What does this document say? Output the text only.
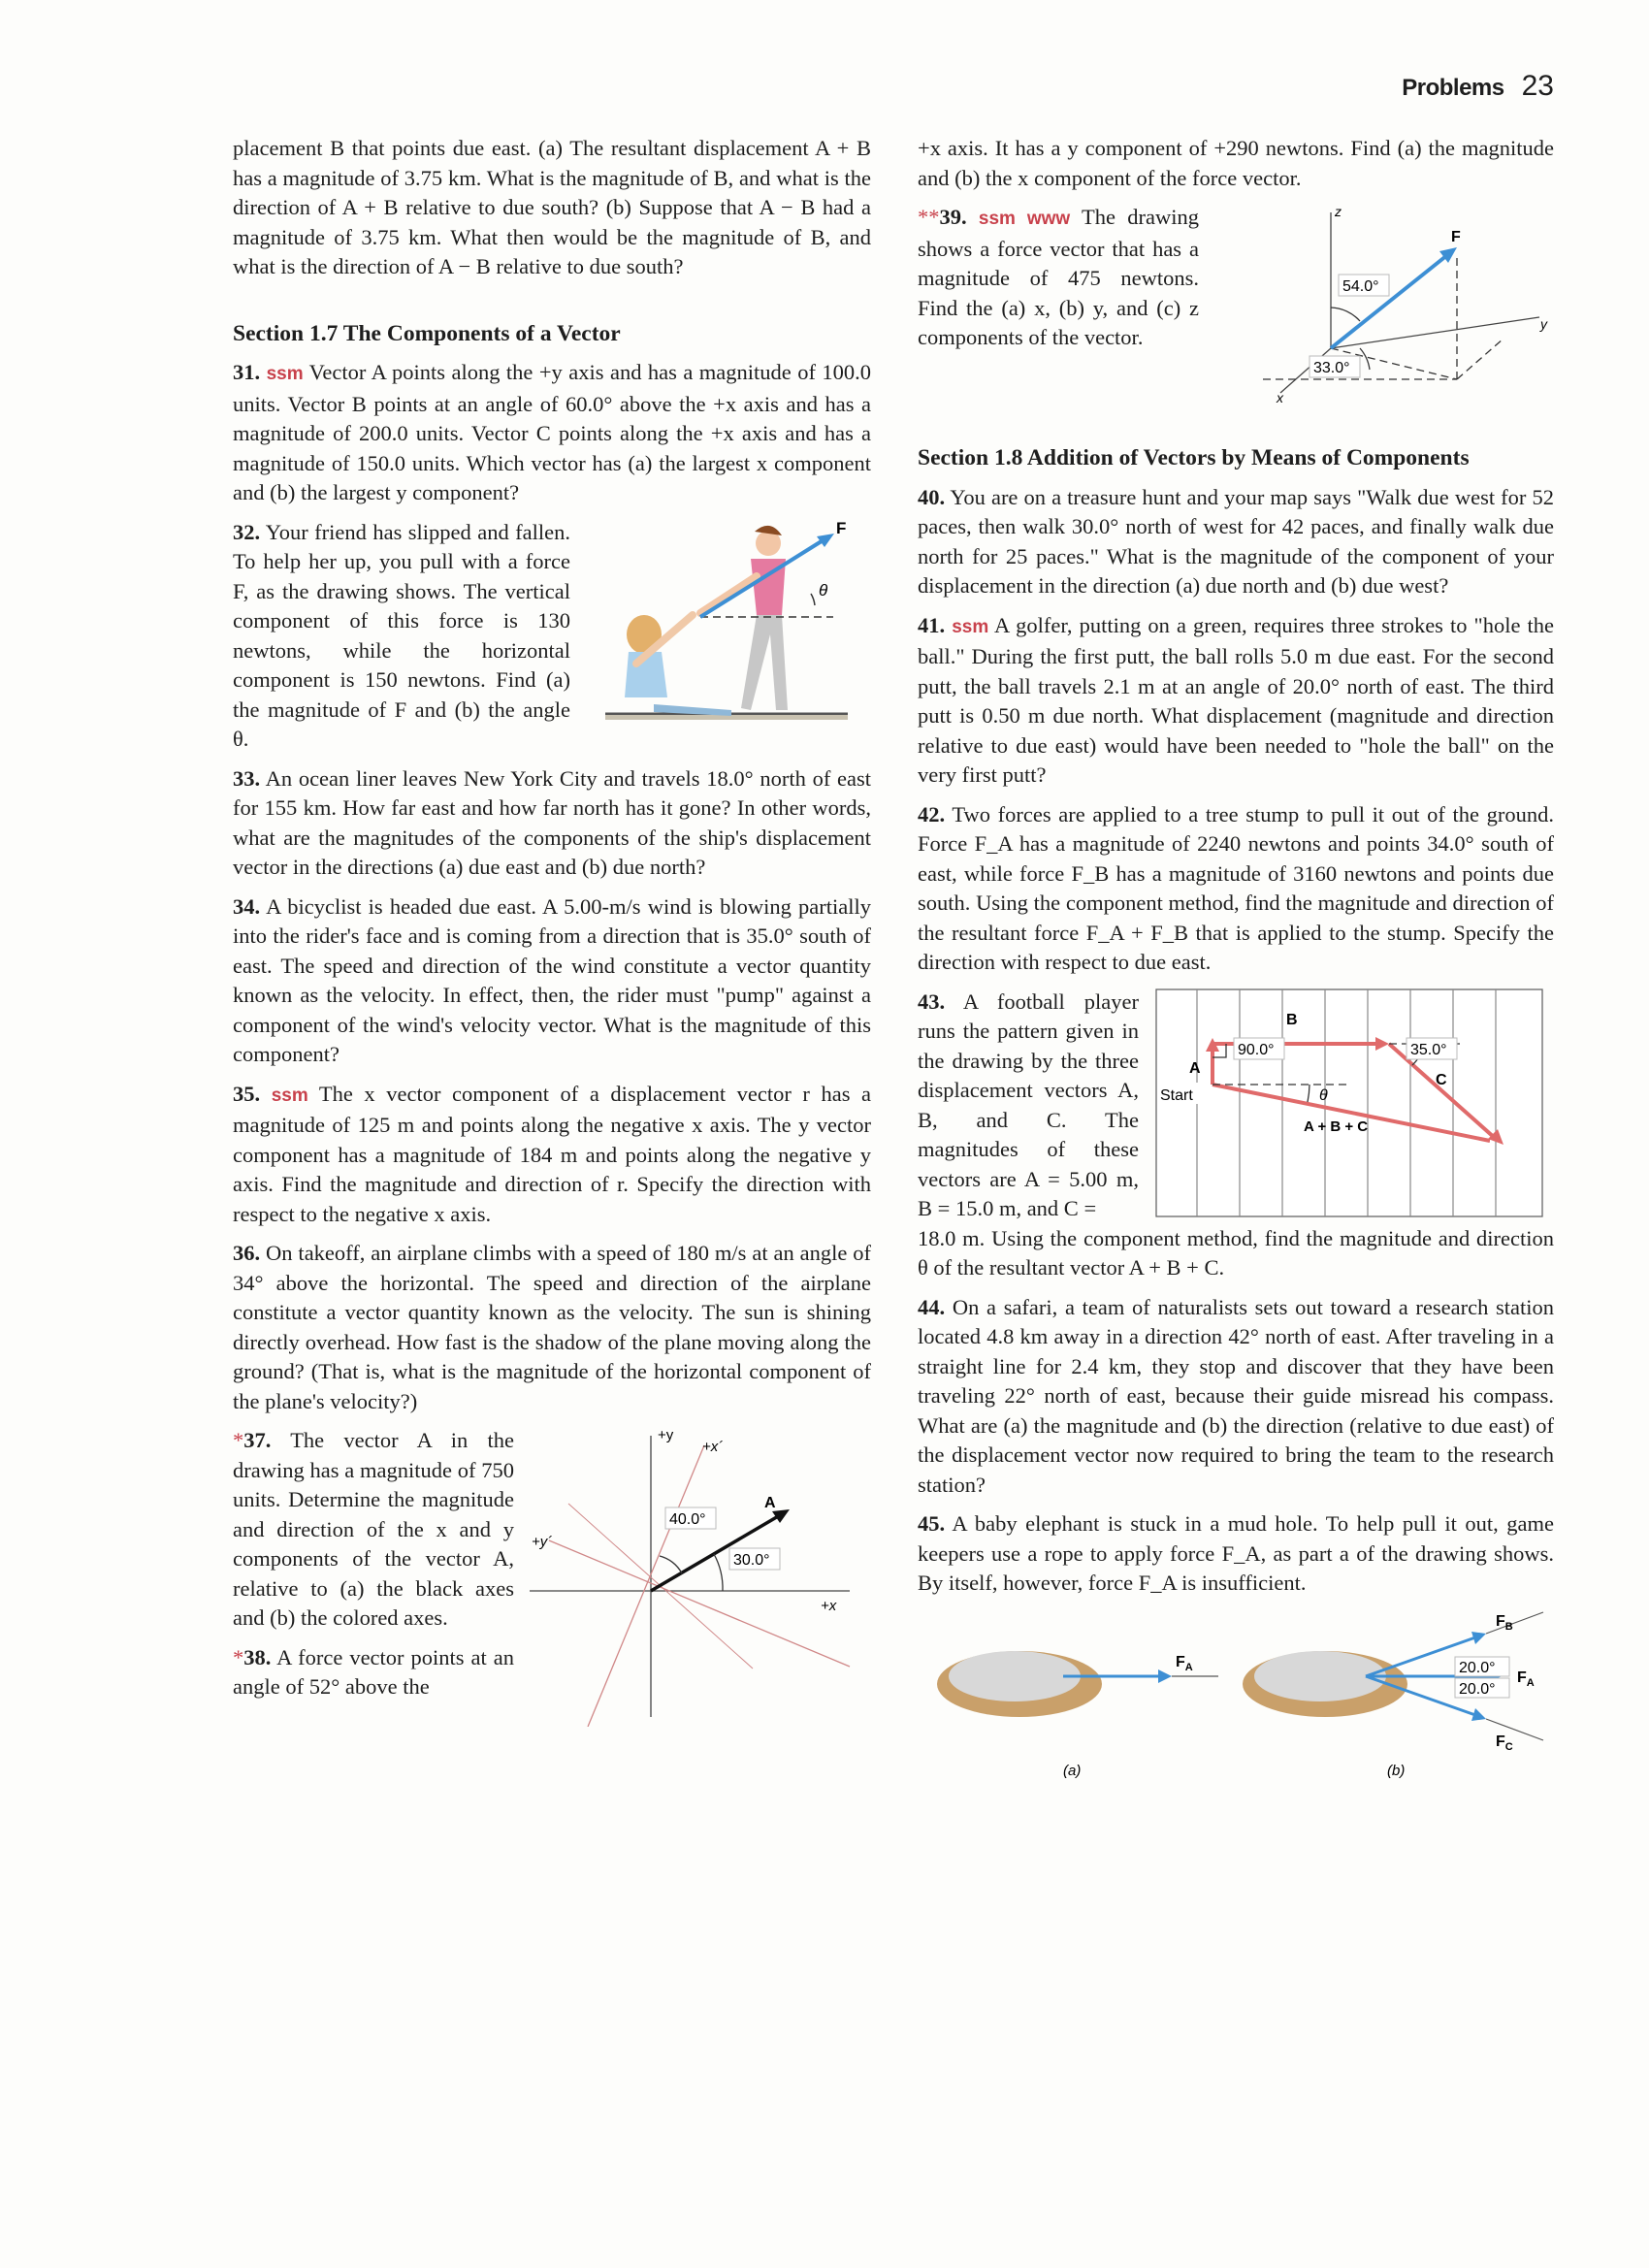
Problems 23

placement B that points due east. (a) The resultant displacement A + B has a magnitude of 3.75 km. What is the magnitude of B, and what is the direction of A + B relative to due south? (b) Suppose that A − B had a magnitude of 3.75 km. What then would be the magnitude of B, and what is the direction of A − B relative to due south?

Section 1.7 The Components of a Vector

31. ssm Vector A points along the +y axis and has a magnitude of 100.0 units. Vector B points at an angle of 60.0° above the +x axis and has a magnitude of 200.0 units. Vector C points along the +x axis and has a magnitude of 150.0 units. Which vector has (a) the largest x component and (b) the largest y component?

32. Your friend has slipped and fallen. To help her up, you pull with a force F, as the drawing shows. The vertical component of this force is 130 newtons, while the horizontal component is 150 newtons. Find (a) the magnitude of F and (b) the angle θ.

F
θ

33. An ocean liner leaves New York City and travels 18.0° north of east for 155 km. How far east and how far north has it gone? In other words, what are the magnitudes of the components of the ship's displacement vector in the directions (a) due east and (b) due north?

34. A bicyclist is headed due east. A 5.00-m/s wind is blowing partially into the rider's face and is coming from a direction that is 35.0° south of east. The speed and direction of the wind constitute a vector quantity known as the velocity. In effect, then, the rider must "pump" against a component of the wind's velocity vector. What is the magnitude of this component?

35. ssm The x vector component of a displacement vector r has a magnitude of 125 m and points along the negative x axis. The y vector component has a magnitude of 184 m and points along the negative y axis. Find the magnitude and direction of r. Specify the direction with respect to the negative x axis.

36. On takeoff, an airplane climbs with a speed of 180 m/s at an angle of 34° above the horizontal. The speed and direction of the airplane constitute a vector quantity known as the velocity. The sun is shining directly overhead. How fast is the shadow of the plane moving along the ground? (That is, what is the magnitude of the horizontal component of the plane's velocity?)

*37. The vector A in the drawing has a magnitude of 750 units. Determine the magnitude and direction of the x and y components of the vector A, relative to (a) the black axes and (b) the colored axes.

*38. A force vector points at an angle of 52° above the

+y
+x´
+y´
+x
A
40.0°
30.0°

+x axis. It has a y component of +290 newtons. Find (a) the magnitude and (b) the x component of the force vector.

**39. ssm www The drawing shows a force vector that has a magnitude of 475 newtons. Find the (a) x, (b) y, and (c) z components of the vector.

z
F
y
x
54.0°
33.0°
Section 1.8 Addition of Vectors by Means of Components

40. You are on a treasure hunt and your map says "Walk due west for 52 paces, then walk 30.0° north of west for 42 paces, and finally walk due north for 25 paces." What is the magnitude of the component of your displacement in the direction (a) due north and (b) due west?

41. ssm A golfer, putting on a green, requires three strokes to "hole the ball." During the first putt, the ball rolls 5.0 m due east. For the second putt, the ball travels 2.1 m at an angle of 20.0° north of east. The third putt is 0.50 m due north. What displacement (magnitude and direction relative to due east) would have been needed to "hole the ball" on the very first putt?

42. Two forces are applied to a tree stump to pull it out of the ground. Force F_A has a magnitude of 2240 newtons and points 34.0° south of east, while force F_B has a magnitude of 3160 newtons and points due south. Using the component method, find the magnitude and direction of the resultant force F_A + F_B that is applied to the stump. Specify the direction with respect to due east.

43. A football player runs the pattern given in the drawing by the three displacement vectors A, B, and C. The magnitudes of these vectors are A = 5.00 m, B = 15.0 m, and C =

B
A
Start
90.0°	35.0°
C
θ
A + B + C

18.0 m. Using the component method, find the magnitude and direction θ of the resultant vector A + B + C.

44. On a safari, a team of naturalists sets out toward a research station located 4.8 km away in a direction 42° north of east. After traveling in a straight line for 2.4 km, they stop and discover that they have been traveling 22° north of east, because their guide misread his compass. What are (a) the magnitude and (b) the direction (relative to due east) of the displacement vector now required to bring the team to the research station?

45. A baby elephant is stuck in a mud hole. To help pull it out, game keepers use a rope to apply force F_A, as part a of the drawing shows. By itself, however, force F_A is insufficient.

$F_A$
(a)
$F_B$
$F_A$
$F_C$
20.0°
20.0°
(b)
